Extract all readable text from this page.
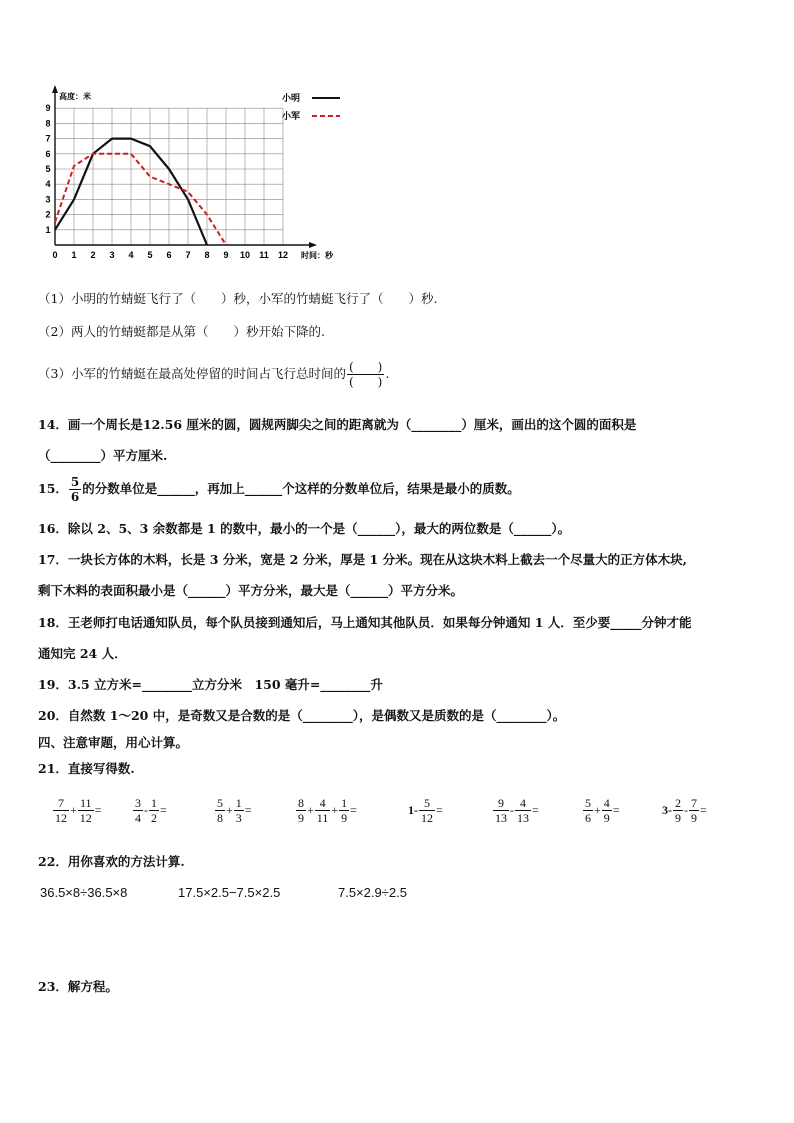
0 1 2 3 4 5 6 7 8 9 10 11 12
1
2
3
4
5
6
7
8
9
高度：米
时间：秒
小明
小军
（1）小明的竹蜻蜓飞行了（　　）秒，小军的竹蜻蜓飞行了（　　）秒.
（2）两人的竹蜻蜓都是从第（　　）秒开始下降的.
（3）小军的竹蜻蜓在最高处停留的时间占飞行总时间的 $\frac{( )}{( )}$ .
14．画一个周长是12.56 厘米的圆，圆规两脚尖之间的距离就为（________）厘米，画出的这个圆的面积是
（________）平方厘米.
15． $\frac{5}{6}$ 的分数单位是______，再加上______个这样的分数单位后，结果是最小的质数。
16．除以 2、5、3 余数都是 1 的数中，最小的一个是（______），最大的两位数是（______）。
17．一块长方体的木料，长是 3 分米，宽是 2 分米，厚是 1 分米。现在从这块木料上截去一个尽量大的正方体木块,
剩下木料的表面积最小是（______）平方分米，最大是（______）平方分米。
18．王老师打电话通知队员，每个队员接到通知后，马上通知其他队员．如果每分钟通知 1 人．至少要_____分钟才能
通知完 24 人．
19．3.5 立方米=________立方分米　150 毫升=________升
20．自然数 1～20 中，是奇数又是合数的是（________），是偶数又是质数的是（________）。
四、注意审题，用心计算。
21．直接写得数.
$\frac{7}{12} + \frac{11}{12}$ =	$\frac{3}{4} - \frac{1}{2}$ =	$\frac{5}{8} + \frac{1}{3}$ =	$\frac{8}{9} + \frac{4}{11} + \frac{1}{9}$ =	$1- \frac{5}{12}$ =	$\frac{9}{13} - \frac{4}{13}$ =	$\frac{5}{6} + \frac{4}{9}$ =	$3- \frac{2}{9} - \frac{7}{9}$ =
22．用你喜欢的方法计算.
36.5×8÷36.5×8	17.5×2.5−7.5×2.5	7.5×2.9÷2.5
23．解方程。
